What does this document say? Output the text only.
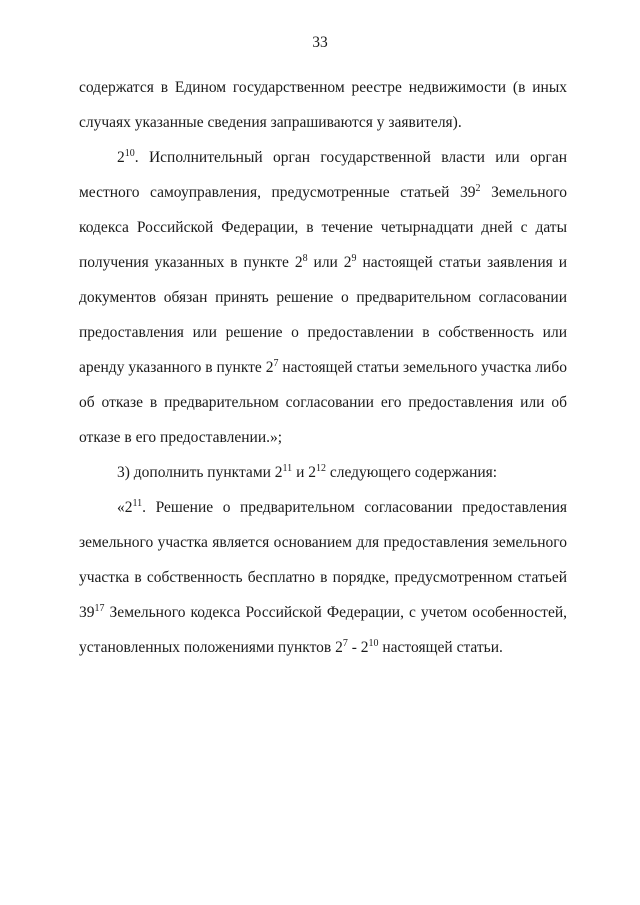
33
содержатся в Едином государственном реестре недвижимости (в иных
случаях указанные сведения запрашиваются у заявителя).
$2^{10}$. Исполнительный орган государственной власти или орган
местного самоуправления, предусмотренные статьей $39^2$ Земельного
кодекса Российской Федерации, в течение четырнадцати дней с даты
получения указанных в пункте $2^8$ или $2^9$ настоящей статьи заявления и
документов обязан принять решение о предварительном согласовании
предоставления или решение о предоставлении в собственность или
аренду указанного в пункте $2^7$ настоящей статьи земельного участка либо
об отказе в предварительном согласовании его предоставления или об
отказе в его предоставлении.»;
3) дополнить пунктами $2^{11}$ и $2^{12}$ следующего содержания:
«$2^{11}$. Решение о предварительном согласовании предоставления
земельного участка является основанием для предоставления земельного
участка в собственность бесплатно в порядке, предусмотренном статьей
$39^{17}$ Земельного кодекса Российской Федерации, с учетом особенностей,
установленных положениями пунктов $2^7 - 2^{10}$ настоящей статьи.
